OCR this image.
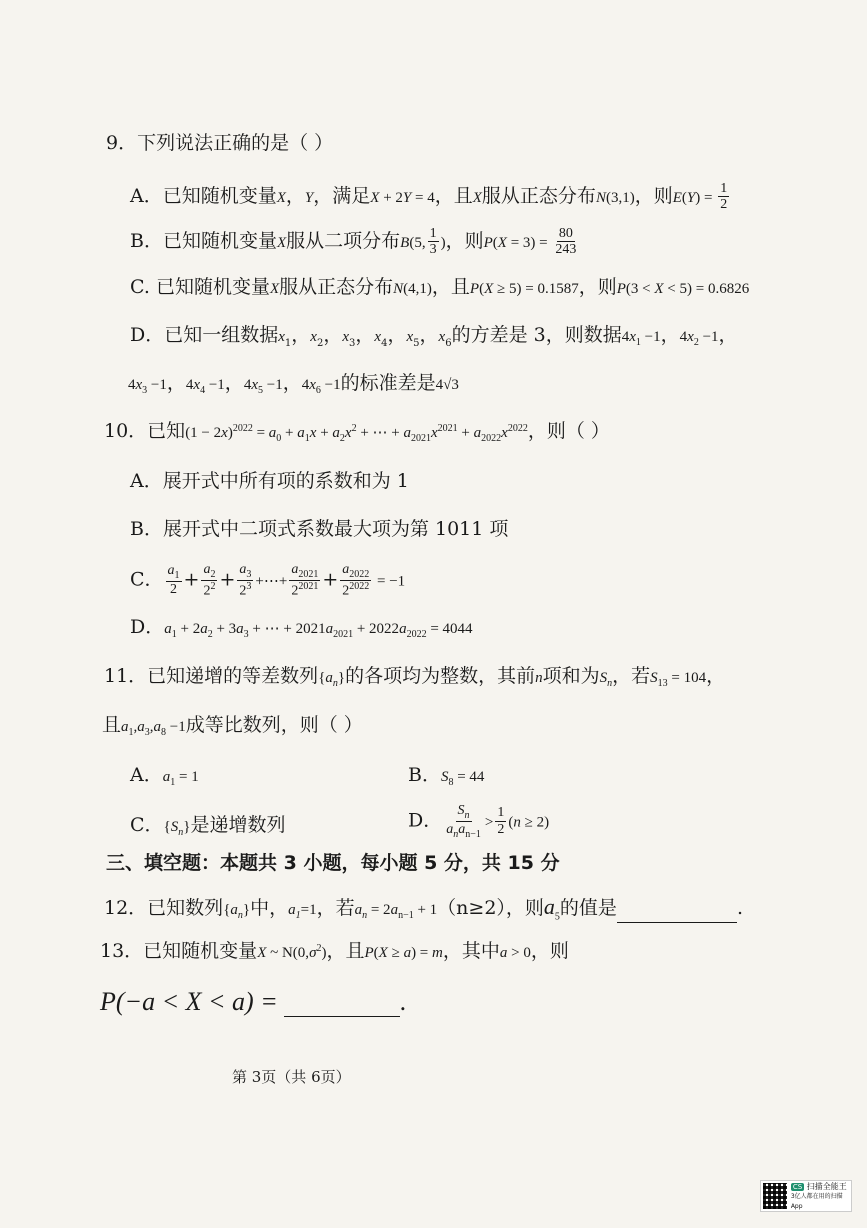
9．下列说法正确的是（ ）
A．已知随机变量X，Y，满足X + 2Y = 4，且X服从正态分布N(3,1)，则$E(Y) = \frac{1}{2}$
B．已知随机变量X服从二项分布B(5, $\frac{1}{3}$ )，则$P(X = 3) = \frac{80}{243}$
C. 已知随机变量X服从正态分布N(4,1)，且P(X ≥ 5) = 0.1587，则P(3 < X < 5) = 0.6826
D．已知一组数据$x_1$，$x_2$，$x_3$，$x_4$，$x_5$，$x_6$的方差是 3，则数据$4x_1 -1$，$4x_2 -1$，
$4x_3 -1$，$4x_4 -1$，$4x_5 -1$，$4x_6 -1$的标准差是4√3
10．已知$(1 - 2x)^{2022} = a_0 + a_1x + a_2x^2$ + ⋯ + $a_{2021}x^{2021} + a_{2022}x^{2022}$，则（ ）
A．展开式中所有项的系数和为 1
B．展开式中二项式系数最大项为第 1011 项
C． $\frac{a_1}{2} + \frac{a_2}{2^2} + \frac{a_3}{2^3}$ +⋯+ $\frac{a_{2021}}{2^{2021}} + \frac{a_{2022}}{2^{2022}} = -1$
D．$a_1 + 2a_2 + 3a_3$ + ⋯ + $2021a_{2021} + 2022a_{2022} = 4044$
11．已知递增的等差数列$\{a_n\}$的各项均为整数，其前n项和为$S_n$，若$S_{13} = 104$，
且$a_1,a_3,a_8 -1$成等比数列，则（ ）
A．$a_1 = 1$	B．$S_8 = 44$
C．$\{S_n\}$是递增数列	D． $\frac{S_n}{a_na_{n-1}} > \frac{1}{2} (n \ge 2)$
三、填空题：本题共 3 小题，每小题 5 分，共 15 分
12．已知数列$\{a_n\}$中，$a_1=1$，若$a_n = 2a_{n-1} + 1(n\ge 2)$，则$a_5$的值是	.
13．已知随机变量X ~ $N(0,\sigma^2)$，且P(X ≥ a) = m，其中a > 0，则
P(−a < X < a) =	.
第 3页（共 6页）
CS 扫描全能王
3亿人都在用的扫描App
